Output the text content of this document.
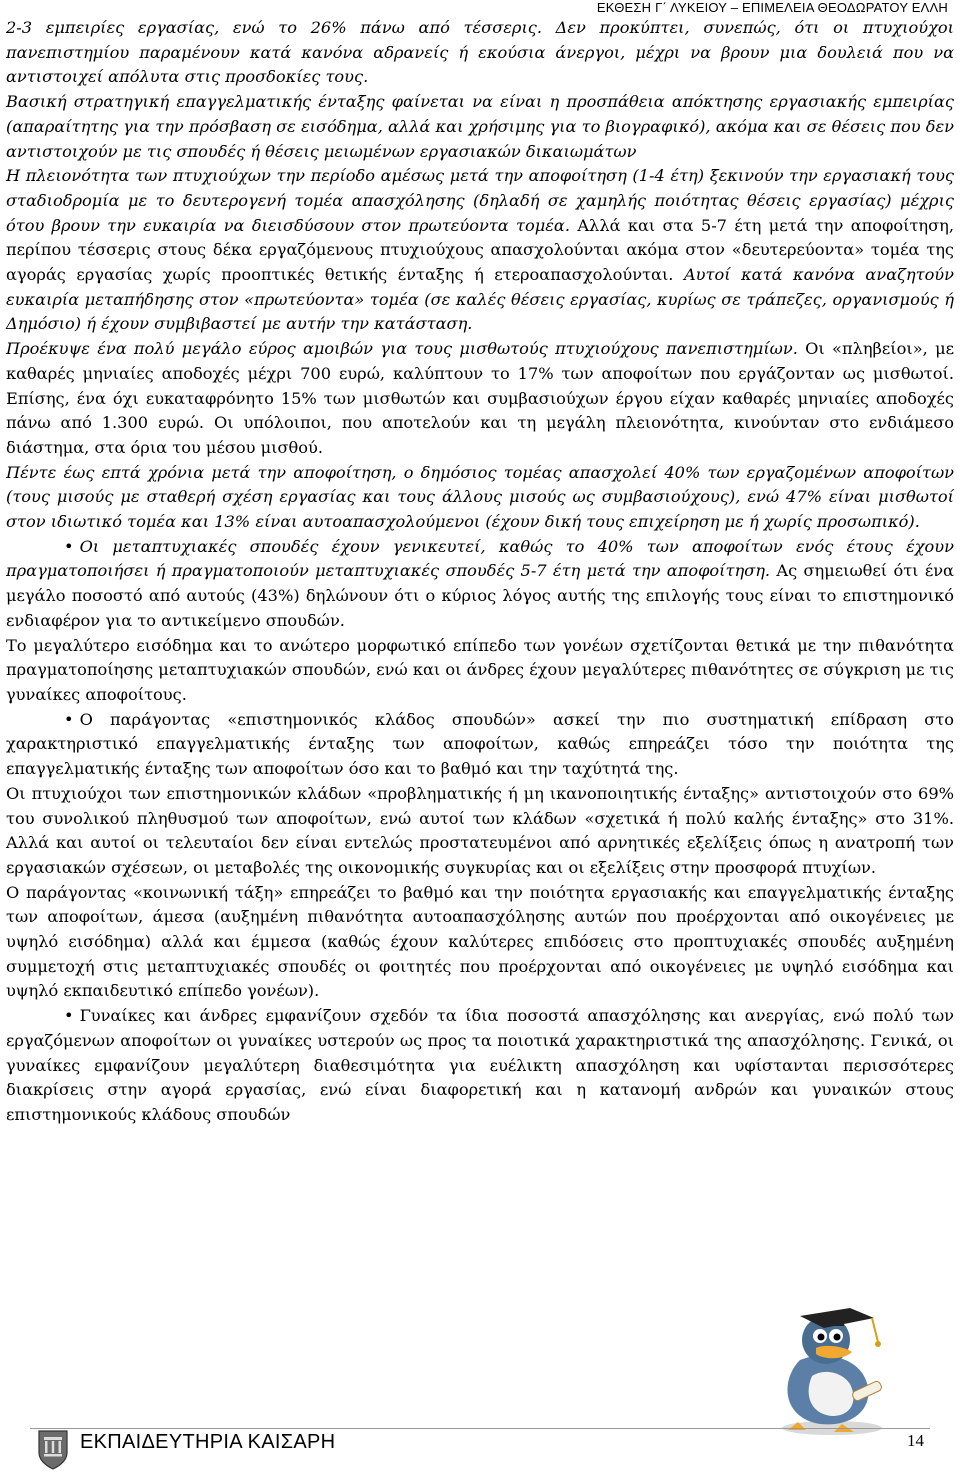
ΕΚΘΕΣΗ Γ΄ ΛΥΚΕΙΟΥ – ΕΠΙΜΕΛΕΙΑ ΘΕΟΔΩΡΑΤΟΥ ΕΛΛΗ

2-3 εμπειρίες εργασίας, ενώ το 26% πάνω από τέσσερις. Δεν προκύπτει, συνεπώς, ότι οι πτυχιούχοι πανεπιστημίου παραμένουν κατά κανόνα αδρανείς ή εκούσια άνεργοι, μέχρι να βρουν μια δουλειά που να αντιστοιχεί απόλυτα στις προσδοκίες τους.

Βασική στρατηγική επαγγελματικής ένταξης φαίνεται να είναι η προσπάθεια απόκτησης εργασιακής εμπειρίας (απαραίτητης για την πρόσβαση σε εισόδημα, αλλά και χρήσιμης για το βιογραφικό), ακόμα και σε θέσεις που δεν αντιστοιχούν με τις σπουδές ή θέσεις μειωμένων εργασιακών δικαιωμάτων

Η πλειονότητα των πτυχιούχων την περίοδο αμέσως μετά την αποφοίτηση (1-4 έτη) ξεκινούν την εργασιακή τους σταδιοδρομία με το δευτερογενή τομέα απασχόλησης (δηλαδή σε χαμηλής ποιότητας θέσεις εργασίας) μέχρις ότου βρουν την ευκαιρία να διεισδύσουν στον πρωτεύοντα τομέα. Αλλά και στα 5-7 έτη μετά την αποφοίτηση, περίπου τέσσερις στους δέκα εργαζόμενους πτυχιούχους απασχολούνται ακόμα στον «δευτερεύοντα» τομέα της αγοράς εργασίας χωρίς προοπτικές θετικής ένταξης ή ετεροαπασχολούνται. Αυτοί κατά κανόνα αναζητούν ευκαιρία μεταπήδησης στον «πρωτεύοντα» τομέα (σε καλές θέσεις εργασίας, κυρίως σε τράπεζες, οργανισμούς ή Δημόσιο) ή έχουν συμβιβαστεί με αυτήν την κατάσταση.

Προέκυψε ένα πολύ μεγάλο εύρος αμοιβών για τους μισθωτούς πτυχιούχους πανεπιστημίων. Οι «πληβείοι», με καθαρές μηνιαίες αποδοχές μέχρι 700 ευρώ, καλύπτουν το 17% των αποφοίτων που εργάζονταν ως μισθωτοί. Επίσης, ένα όχι ευκαταφρόνητο 15% των μισθωτών και συμβασιούχων έργου είχαν καθαρές μηνιαίες αποδοχές πάνω από 1.300 ευρώ. Οι υπόλοιποι, που αποτελούν και τη μεγάλη πλειονότητα, κινούνταν στο ενδιάμεσο διάστημα, στα όρια του μέσου μισθού.

Πέντε έως επτά χρόνια μετά την αποφοίτηση, ο δημόσιος τομέας απασχολεί 40% των εργαζομένων αποφοίτων (τους μισούς με σταθερή σχέση εργασίας και τους άλλους μισούς ως συμβασιούχους), ενώ 47% είναι μισθωτοί στον ιδιωτικό τομέα και 13% είναι αυτοαπασχολούμενοι (έχουν δική τους επιχείρηση με ή χωρίς προσωπικό).

• Οι μεταπτυχιακές σπουδές έχουν γενικευτεί, καθώς το 40% των αποφοίτων ενός έτους έχουν πραγματοποιήσει ή πραγματοποιούν μεταπτυχιακές σπουδές 5-7 έτη μετά την αποφοίτηση. Ας σημειωθεί ότι ένα μεγάλο ποσοστό από αυτούς (43%) δηλώνουν ότι ο κύριος λόγος αυτής της επιλογής τους είναι το επιστημονικό ενδιαφέρον για το αντικείμενο σπουδών.

Το μεγαλύτερο εισόδημα και το ανώτερο μορφωτικό επίπεδο των γονέων σχετίζονται θετικά με την πιθανότητα πραγματοποίησης μεταπτυχιακών σπουδών, ενώ και οι άνδρες έχουν μεγαλύτερες πιθανότητες σε σύγκριση με τις γυναίκες αποφοίτους.

• Ο παράγοντας «επιστημονικός κλάδος σπουδών» ασκεί την πιο συστηματική επίδραση στο χαρακτηριστικό επαγγελματικής ένταξης των αποφοίτων, καθώς επηρεάζει τόσο την ποιότητα της επαγγελματικής ένταξης των αποφοίτων όσο και το βαθμό και την ταχύτητά της.

Οι πτυχιούχοι των επιστημονικών κλάδων «προβληματικής ή μη ικανοποιητικής ένταξης» αντιστοιχούν στο 69% του συνολικού πληθυσμού των αποφοίτων, ενώ αυτοί των κλάδων «σχετικά ή πολύ καλής ένταξης» στο 31%. Αλλά και αυτοί οι τελευταίοι δεν είναι εντελώς προστατευμένοι από αρνητικές εξελίξεις όπως η ανατροπή των εργασιακών σχέσεων, οι μεταβολές της οικονομικής συγκυρίας και οι εξελίξεις στην προσφορά πτυχίων.

Ο παράγοντας «κοινωνική τάξη» επηρεάζει το βαθμό και την ποιότητα εργασιακής και επαγγελματικής ένταξης των αποφοίτων, άμεσα (αυξημένη πιθανότητα αυτοαπασχόλησης αυτών που προέρχονται από οικογένειες με υψηλό εισόδημα) αλλά και έμμεσα (καθώς έχουν καλύτερες επιδόσεις στο προπτυχιακές σπουδές αυξημένη συμμετοχή στις μεταπτυχιακές σπουδές οι φοιτητές που προέρχονται από οικογένειες με υψηλό εισόδημα και υψηλό εκπαιδευτικό επίπεδο γονέων).

• Γυναίκες και άνδρες εμφανίζουν σχεδόν τα ίδια ποσοστά απασχόλησης και ανεργίας, ενώ πολύ των εργαζόμενων αποφοίτων οι γυναίκες υστερούν ως προς τα ποιοτικά χαρακτηριστικά της απασχόλησης. Γενικά, οι γυναίκες εμφανίζουν μεγαλύτερη διαθεσιμότητα για ευέλικτη απασχόληση και υφίστανται περισσότερες διακρίσεις στην αγορά εργασίας, ενώ είναι διαφορετική και η κατανομή ανδρών και γυναικών στους επιστημονικούς κλάδους σπουδών

ΕΚΠΑΙΔΕΥΤΗΡΙΑ ΚΑΙΣΑΡΗ	14
